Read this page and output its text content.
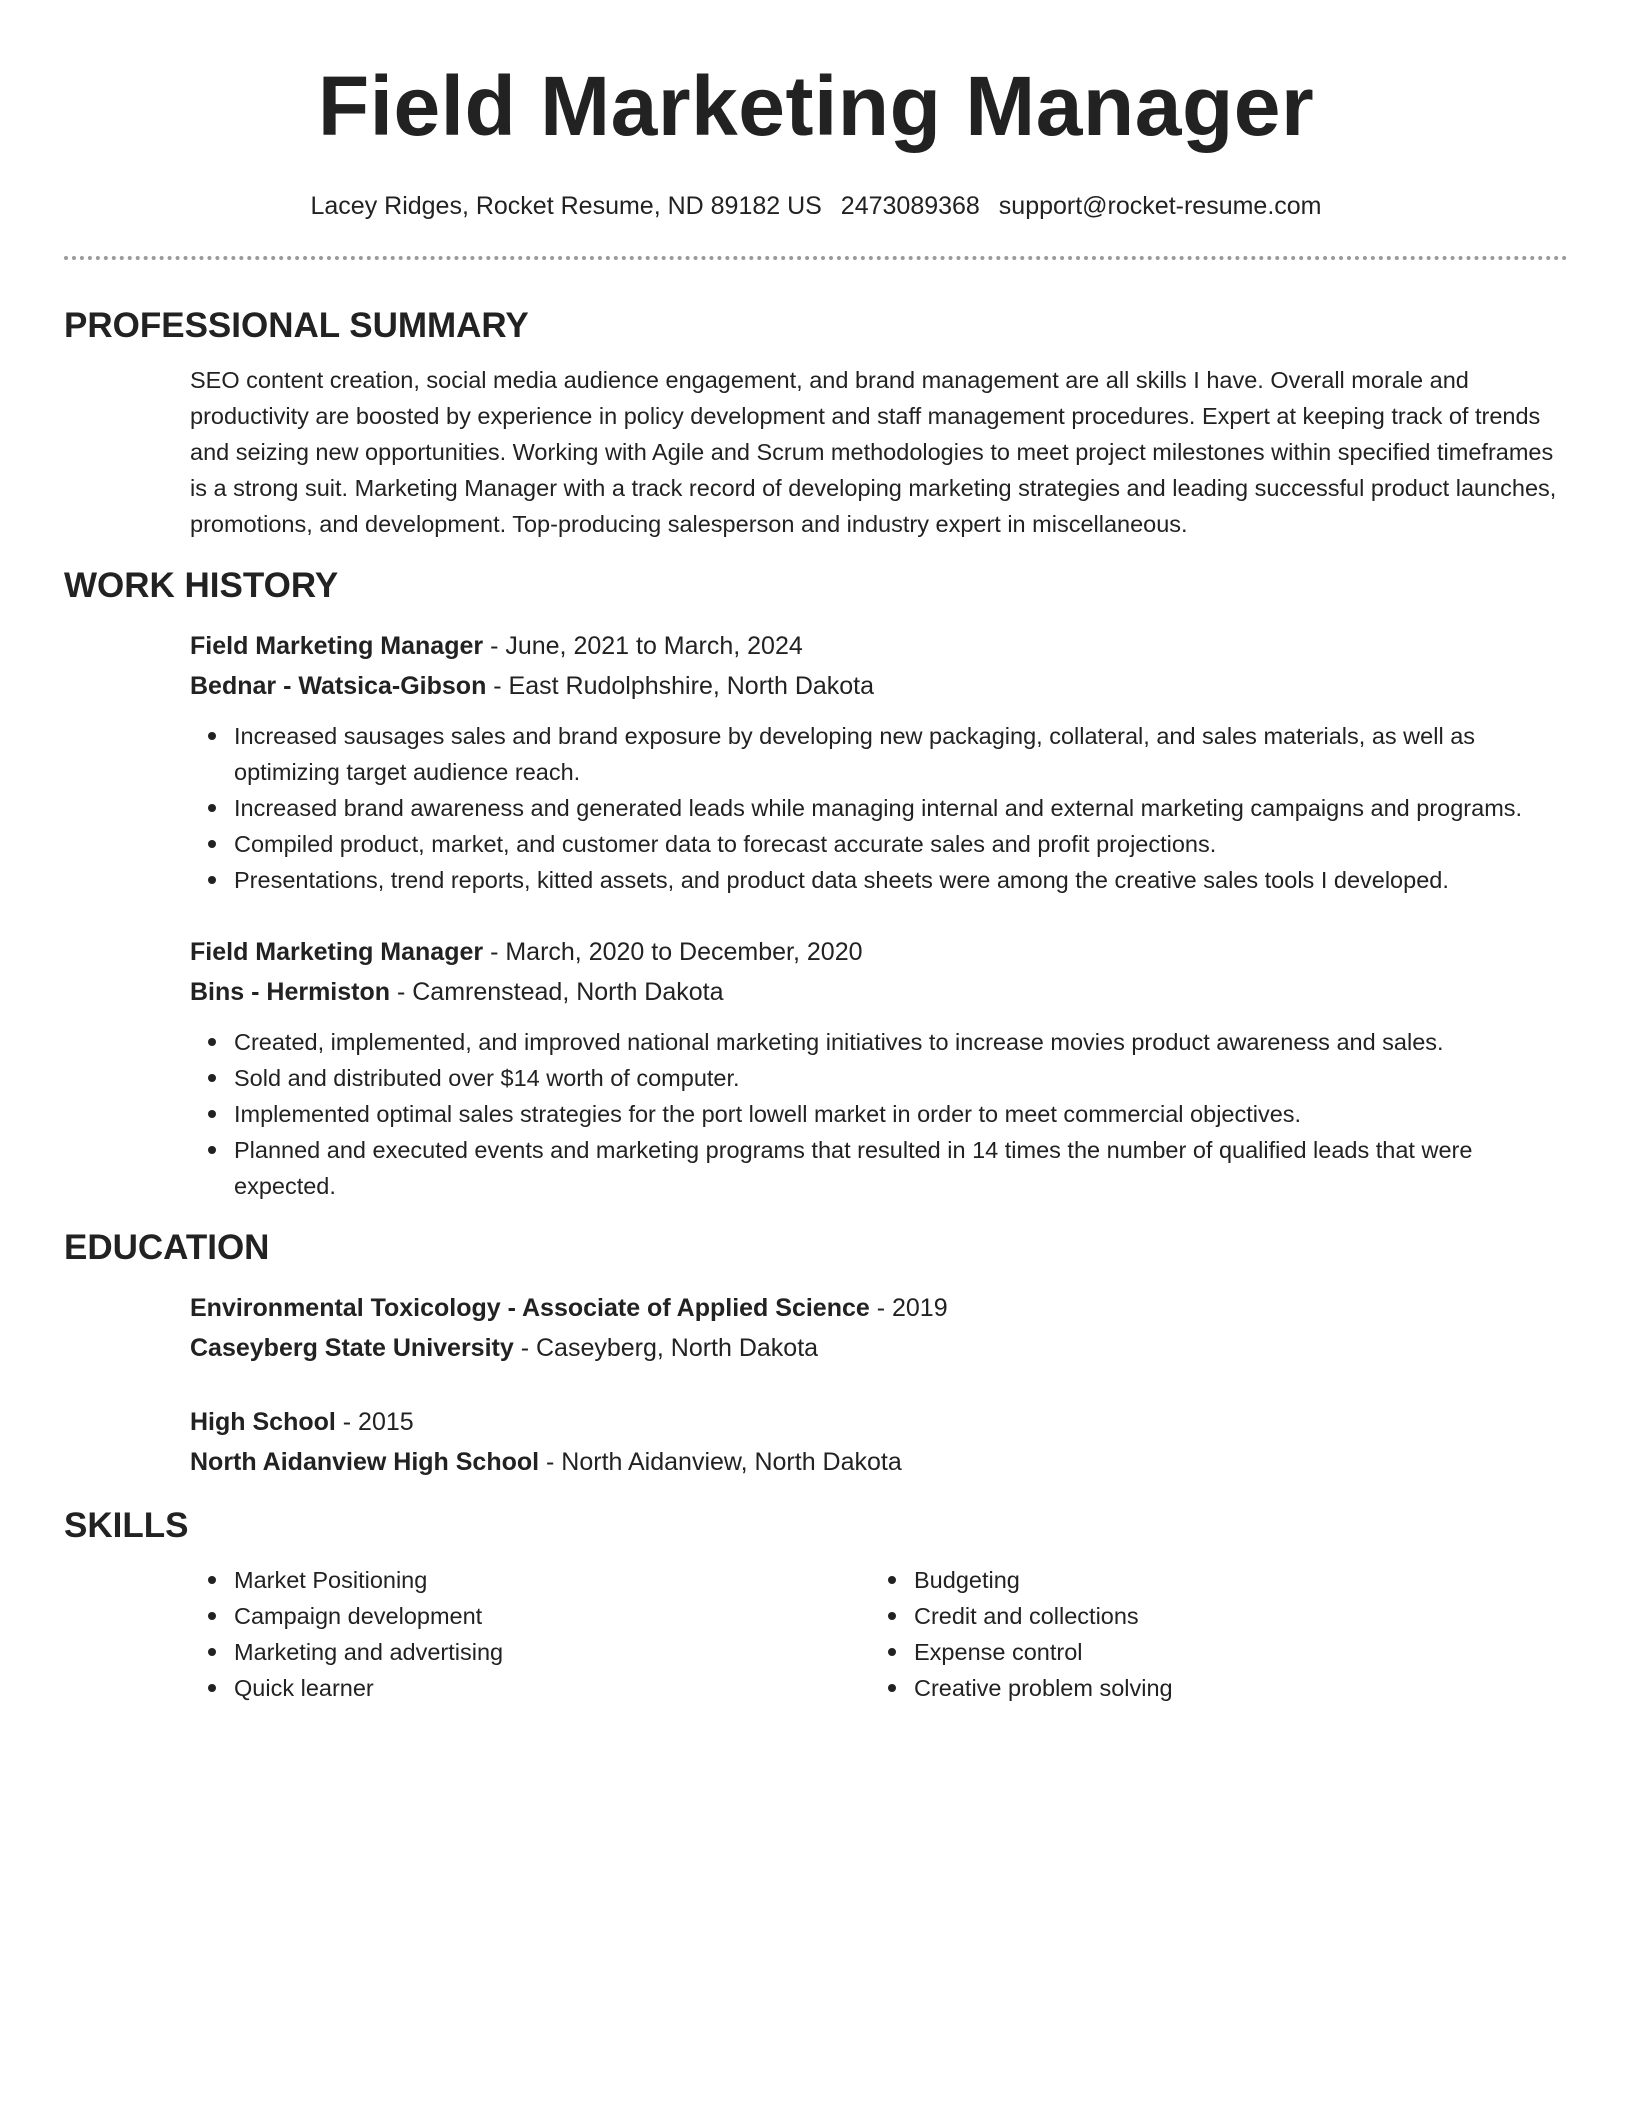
Field Marketing Manager
Lacey Ridges, Rocket Resume, ND 89182 US 2473089368 support@rocket-resume.com
PROFESSIONAL SUMMARY

SEO content creation, social media audience engagement, and brand management are all skills I have. Overall morale and productivity are boosted by experience in policy development and staff management procedures. Expert at keeping track of trends and seizing new opportunities. Working with Agile and Scrum methodologies to meet project milestones within specified timeframes is a strong suit. Marketing Manager with a track record of developing marketing strategies and leading successful product launches, promotions, and development. Top-producing salesperson and industry expert in miscellaneous.

WORK HISTORY
Field Marketing Manager - June, 2021 to March, 2024
Bednar - Watsica-Gibson - East Rudolphshire, North Dakota
Increased sausages sales and brand exposure by developing new packaging, collateral, and sales materials, as well as optimizing target audience reach.
Increased brand awareness and generated leads while managing internal and external marketing campaigns and programs.
Compiled product, market, and customer data to forecast accurate sales and profit projections.
Presentations, trend reports, kitted assets, and product data sheets were among the creative sales tools I developed.
Field Marketing Manager - March, 2020 to December, 2020
Bins - Hermiston - Camrenstead, North Dakota
Created, implemented, and improved national marketing initiatives to increase movies product awareness and sales.
Sold and distributed over $14 worth of computer.
Implemented optimal sales strategies for the port lowell market in order to meet commercial objectives.
Planned and executed events and marketing programs that resulted in 14 times the number of qualified leads that were expected.
EDUCATION
Environmental Toxicology - Associate of Applied Science - 2019
Caseyberg State University - Caseyberg, North Dakota
High School - 2015
North Aidanview High School - North Aidanview, North Dakota
SKILLS
Market Positioning
Campaign development
Marketing and advertising
Quick learner
Budgeting
Credit and collections
Expense control
Creative problem solving
